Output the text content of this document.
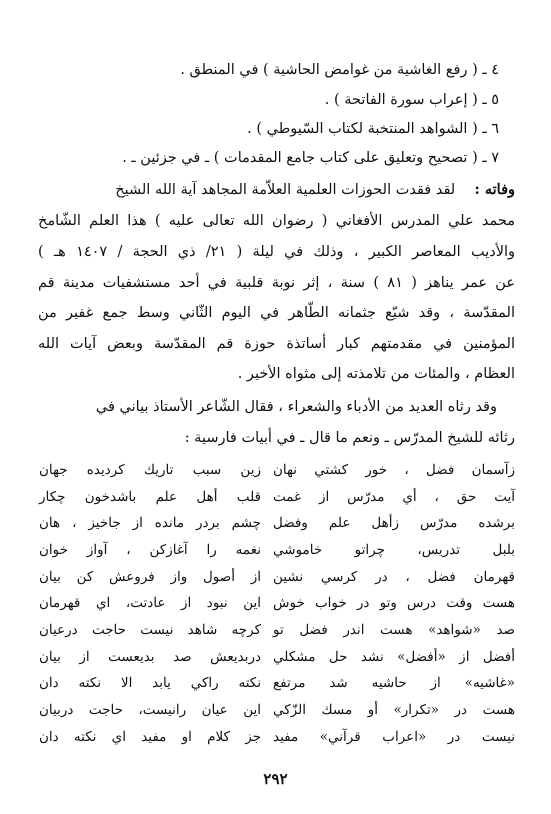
٤ ـ ( رفع الغاشية من غوامض الحاشية ) في المنطق .
٥ ـ ( إعراب سورة الفاتحة ) .
٦ ـ ( الشواهد المنتخبة لكتاب السّيوطي ) .
٧ ـ ( تصحيح وتعليق على كتاب جامع المقدمات ) ـ في جزئين ـ .
وفاته :  لقد فقدت الحوزات العلمية العلاّمة المجاهد آية الله الشيخ
محمد علي المدرس الأفغاني ( رضوان الله تعالى عليه ) هذا العلم الشّامخ
والأديب المعاصر الكبير ، وذلك في ليلة ( ٢١/ ذي الحجة / ١٤٠٧ هـ )
عن عمر يناهز ( ٨١ ) سنة ، إثر نوبة قلبية في أحد مستشفيات مدينة قم
المقدّسة ، وقد شيّع جثمانه الطّاهر في اليوم الثّاني وسط جمع غفير من
المؤمنين في مقدمتهم كبار أساتذة حوزة قم المقدّسة وبعض آيات الله
العظام ، والمئات من تلامذته إلى مثواه الأخير .
وقد رثاه العديد من الأدباء والشعراء ، فقال الشّاعر الأستاذ بياني في
رثائه للشيخ المدرّس ـ ونعم ما قال ـ في أبيات فارسية :
زآسمان فضل ، خور كشتي نهان
آيت حق ، أي مدرّس از غمت
برشده مدرّس زأهل علم وفضل
بلبل تدريس، چراتو خاموشي
قهرمان فضل ، در كرسي نشين
هست وقت درس وتو در خواب خوش
صد «شواهد» هست اندر فضل تو
أفضل از «أفضل» نشد حل مشكلي
«غاشيه» از حاشيه شد مرتفع
هست در «تكرار» أو مسك الزّكي
نيست در «اعراب قرآني» مفيد
زين سبب تاريك كرديده جهان
قلب أهل علم باشدخون چكار
چشم بردر مانده از جاخيز ، هان
نغمه را آغازكن ، آواز خوان
از أصول واز فروعش كن بيان
اين نبود از عادتت، اي قهرمان
كرچه شاهد نيست حاجت درعيان
دربديعش صد بديعست از بيان
نكته راكي يابد الا نكته دان
اين عيان رانيست، حاجت دربيان
جز كلام او مفيد اي نكته دان
٢٩٢
